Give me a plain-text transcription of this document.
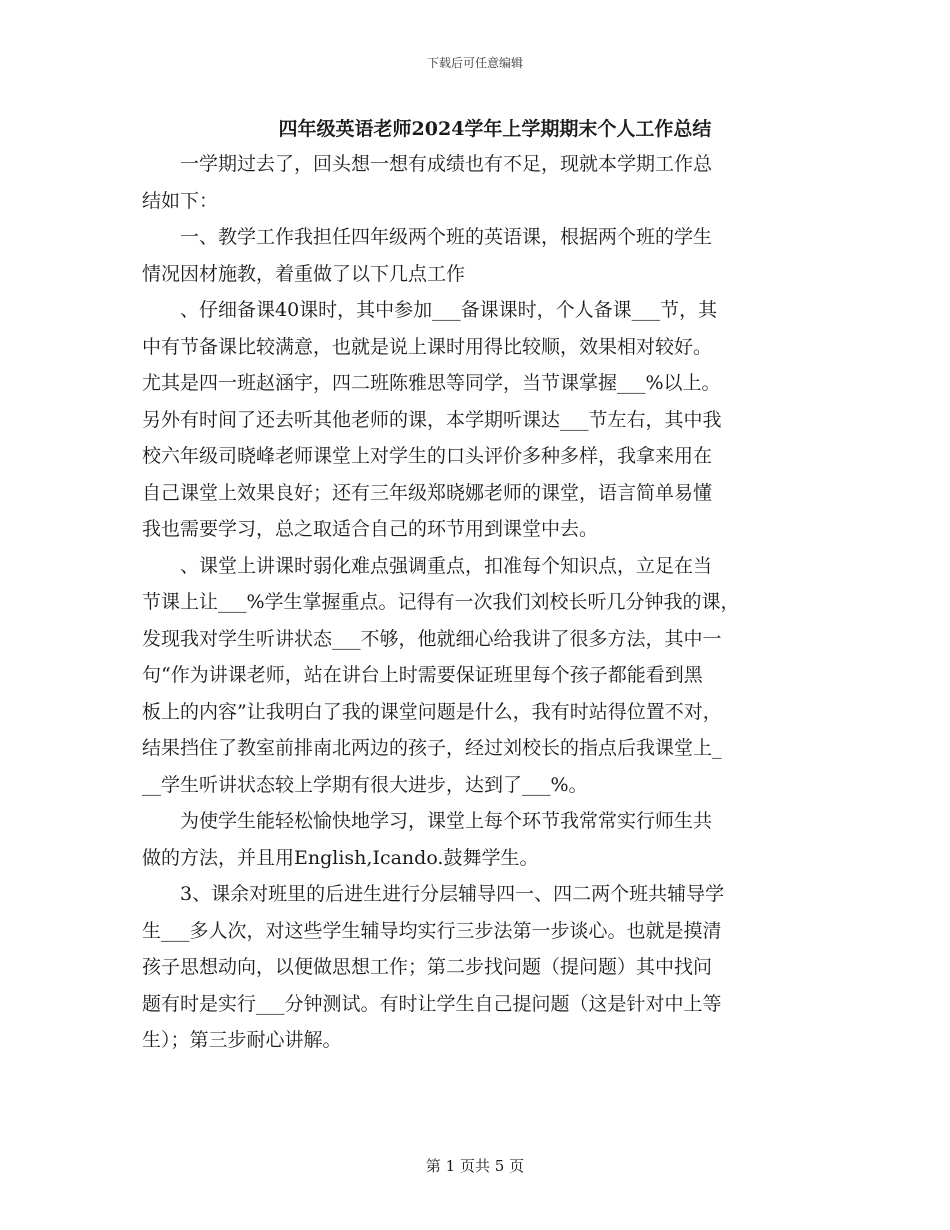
下载后可任意编辑
四年级英语老师2024学年上学期期末个人工作总结
一学期过去了，回头想一想有成绩也有不足，现就本学期工作总
结如下：
一、教学工作我担任四年级两个班的英语课，根据两个班的学生
情况因材施教，着重做了以下几点工作
、仔细备课40课时，其中参加___备课课时，个人备课___节，其
中有节备课比较满意，也就是说上课时用得比较顺，效果相对较好。
尤其是四一班赵涵宇，四二班陈雅思等同学，当节课掌握___%以上。
另外有时间了还去听其他老师的课，本学期听课达___节左右，其中我
校六年级司晓峰老师课堂上对学生的口头评价多种多样，我拿来用在
自己课堂上效果良好；还有三年级郑晓娜老师的课堂，语言简单易懂
我也需要学习，总之取适合自己的环节用到课堂中去。
、课堂上讲课时弱化难点强调重点，扣准每个知识点，立足在当
节课上让___%学生掌握重点。记得有一次我们刘校长听几分钟我的课，
发现我对学生听讲状态___不够，他就细心给我讲了很多方法，其中一
句“作为讲课老师，站在讲台上时需要保证班里每个孩子都能看到黑
板上的内容”让我明白了我的课堂问题是什么，我有时站得位置不对，
结果挡住了教室前排南北两边的孩子，经过刘校长的指点后我课堂上_
__学生听讲状态较上学期有很大进步，达到了___%。
为使学生能轻松愉快地学习，课堂上每个环节我常常实行师生共
做的方法，并且用English,Icando.鼓舞学生。
3、课余对班里的后进生进行分层辅导四一、四二两个班共辅导学
生___多人次，对这些学生辅导均实行三步法第一步谈心。也就是摸清
孩子思想动向，以便做思想工作；第二步找问题（提问题）其中找问
题有时是实行___分钟测试。有时让学生自己提问题（这是针对中上等
生）；第三步耐心讲解。
第 1 页共 5 页
